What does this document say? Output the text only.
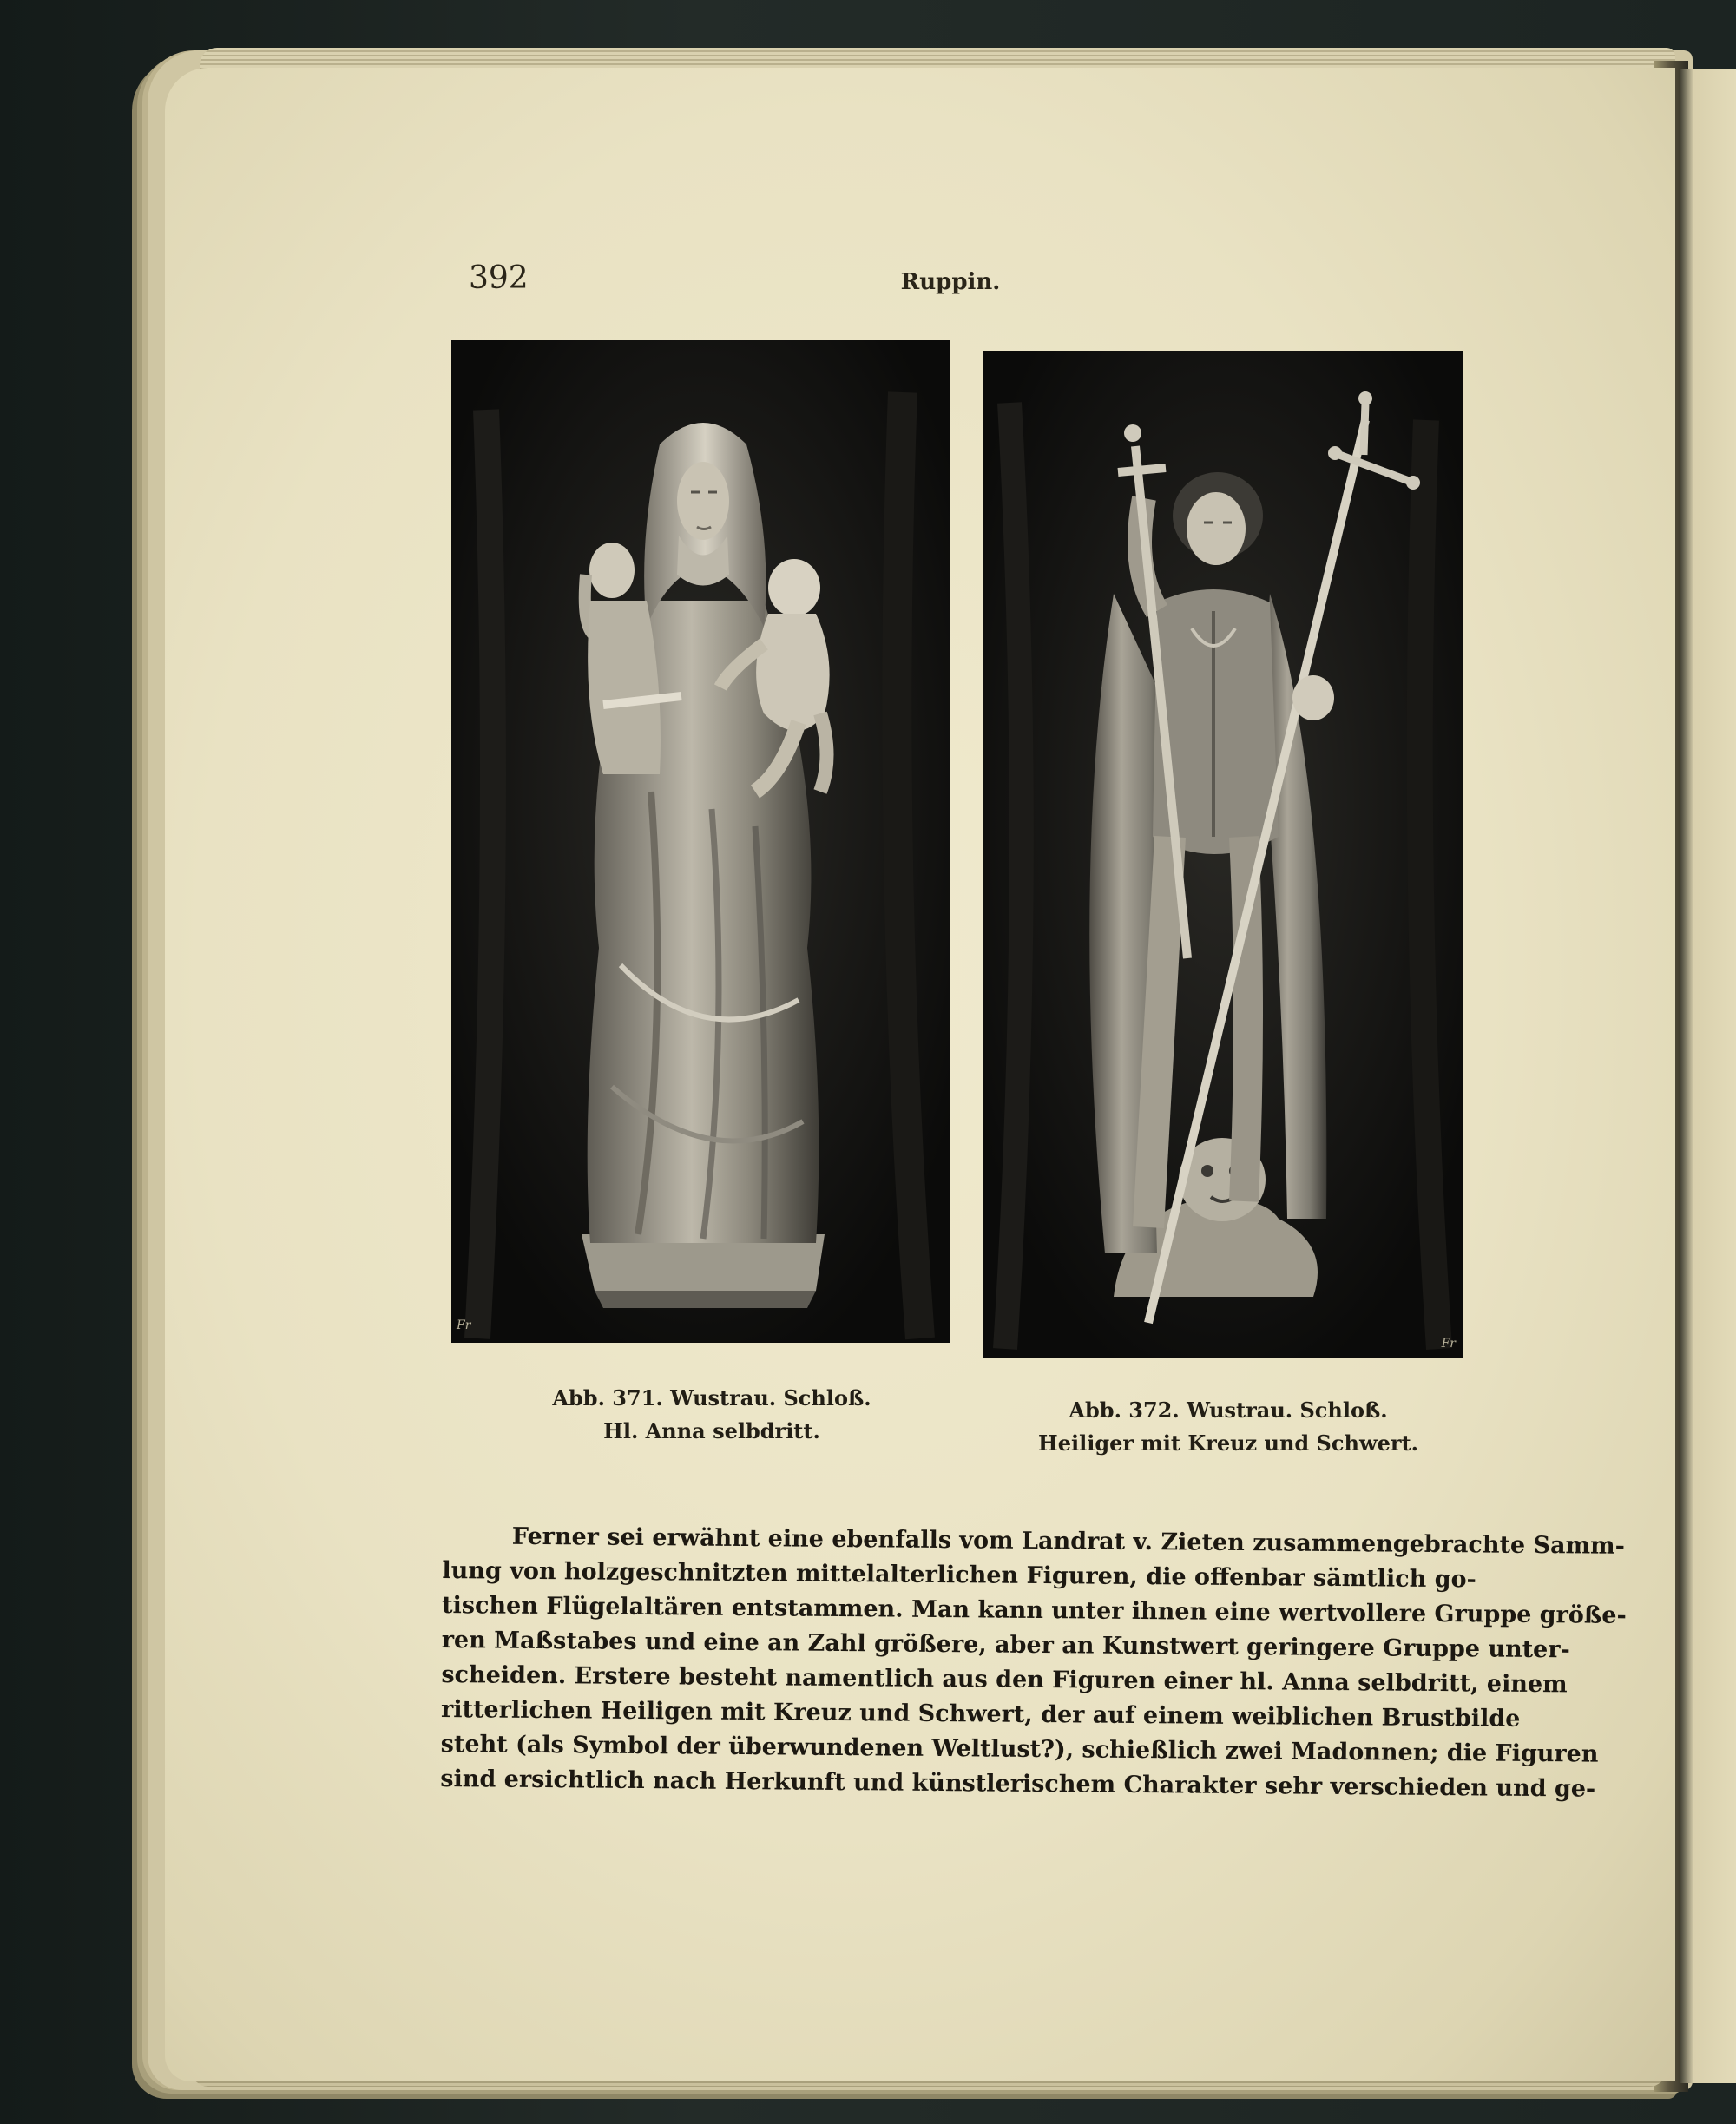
392	Ruppin.
Fr
Fr
Abb. 371. Wustrau. Schloß.
Hl. Anna selbdritt.
Abb. 372. Wustrau. Schloß.
Heiliger mit Kreuz und Schwert.
Ferner sei erwähnt eine ebenfalls vom Landrat v. Zieten zusammengebrachte Samm-
lung von holzgeschnitzten mittelalterlichen Figuren, die offenbar sämtlich go-
tischen Flügelaltären entstammen. Man kann unter ihnen eine wertvollere Gruppe größe-
ren Maßstabes und eine an Zahl größere, aber an Kunstwert geringere Gruppe unter-
scheiden. Erstere besteht namentlich aus den Figuren einer hl. Anna selbdritt, einem
ritterlichen Heiligen mit Kreuz und Schwert, der auf einem weiblichen Brustbilde
steht (als Symbol der überwundenen Weltlust?), schießlich zwei Madonnen; die Figuren
sind ersichtlich nach Herkunft und künstlerischem Charakter sehr verschieden und ge-
